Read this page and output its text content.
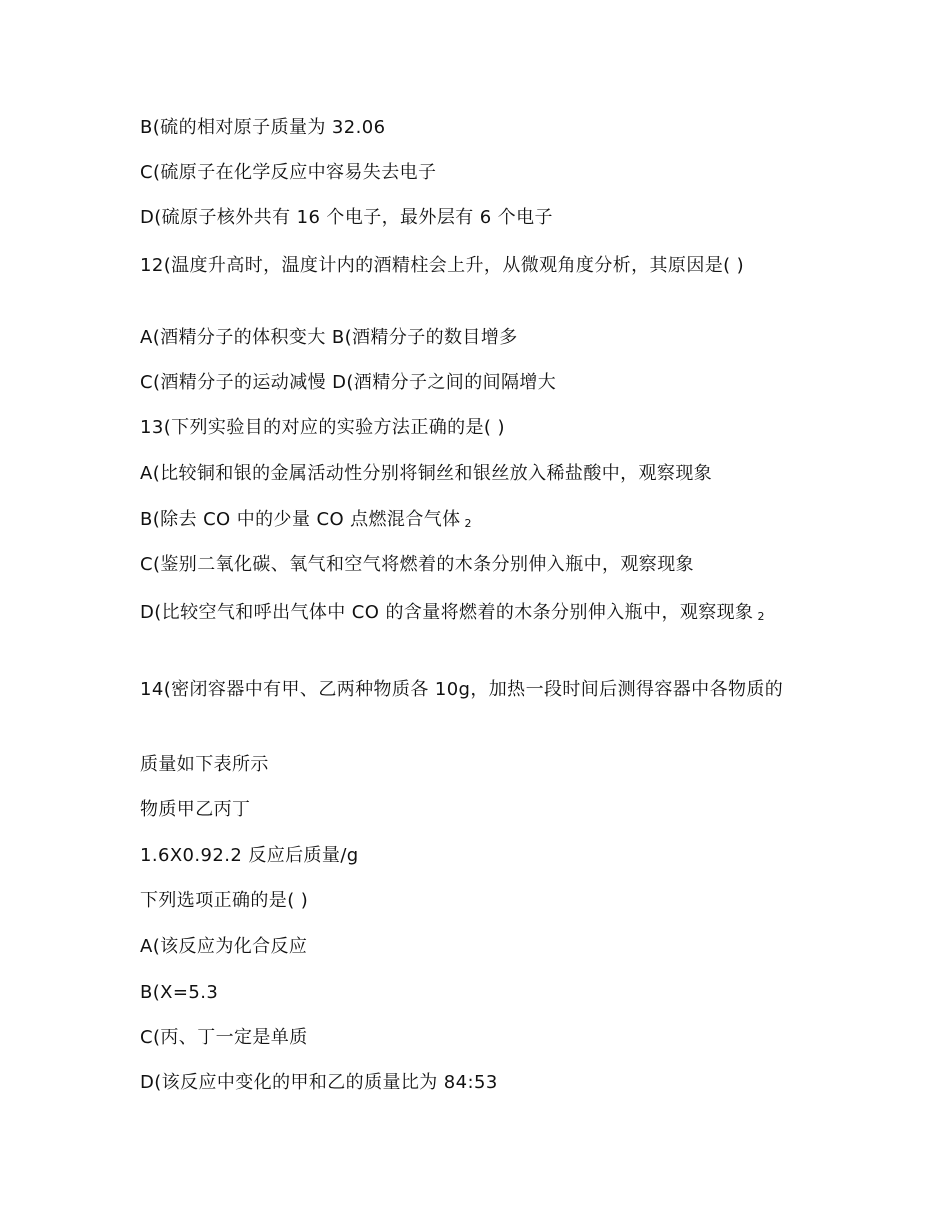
B(硫的相对原子质量为 32.06
C(硫原子在化学反应中容易失去电子
D(硫原子核外共有 16 个电子，最外层有 6 个电子
12(温度升高时，温度计内的酒精柱会上升，从微观角度分析，其原因是( )
A(酒精分子的体积变大 B(酒精分子的数目增多
C(酒精分子的运动减慢 D(酒精分子之间的间隔增大
13(下列实验目的对应的实验方法正确的是( )
A(比较铜和银的金属活动性分别将铜丝和银丝放入稀盐酸中，观察现象
B(除去 CO 中的少量 CO 点燃混合气体 2
C(鉴别二氧化碳、氧气和空气将燃着的木条分别伸入瓶中，观察现象
D(比较空气和呼出气体中 CO 的含量将燃着的木条分别伸入瓶中，观察现象 2
14(密闭容器中有甲、乙两种物质各 10g，加热一段时间后测得容器中各物质的
质量如下表所示
物质甲乙丙丁
1.6X0.92.2 反应后质量/g
下列选项正确的是( )
A(该反应为化合反应
B(X=5.3
C(丙、丁一定是单质
D(该反应中变化的甲和乙的质量比为 84:53
